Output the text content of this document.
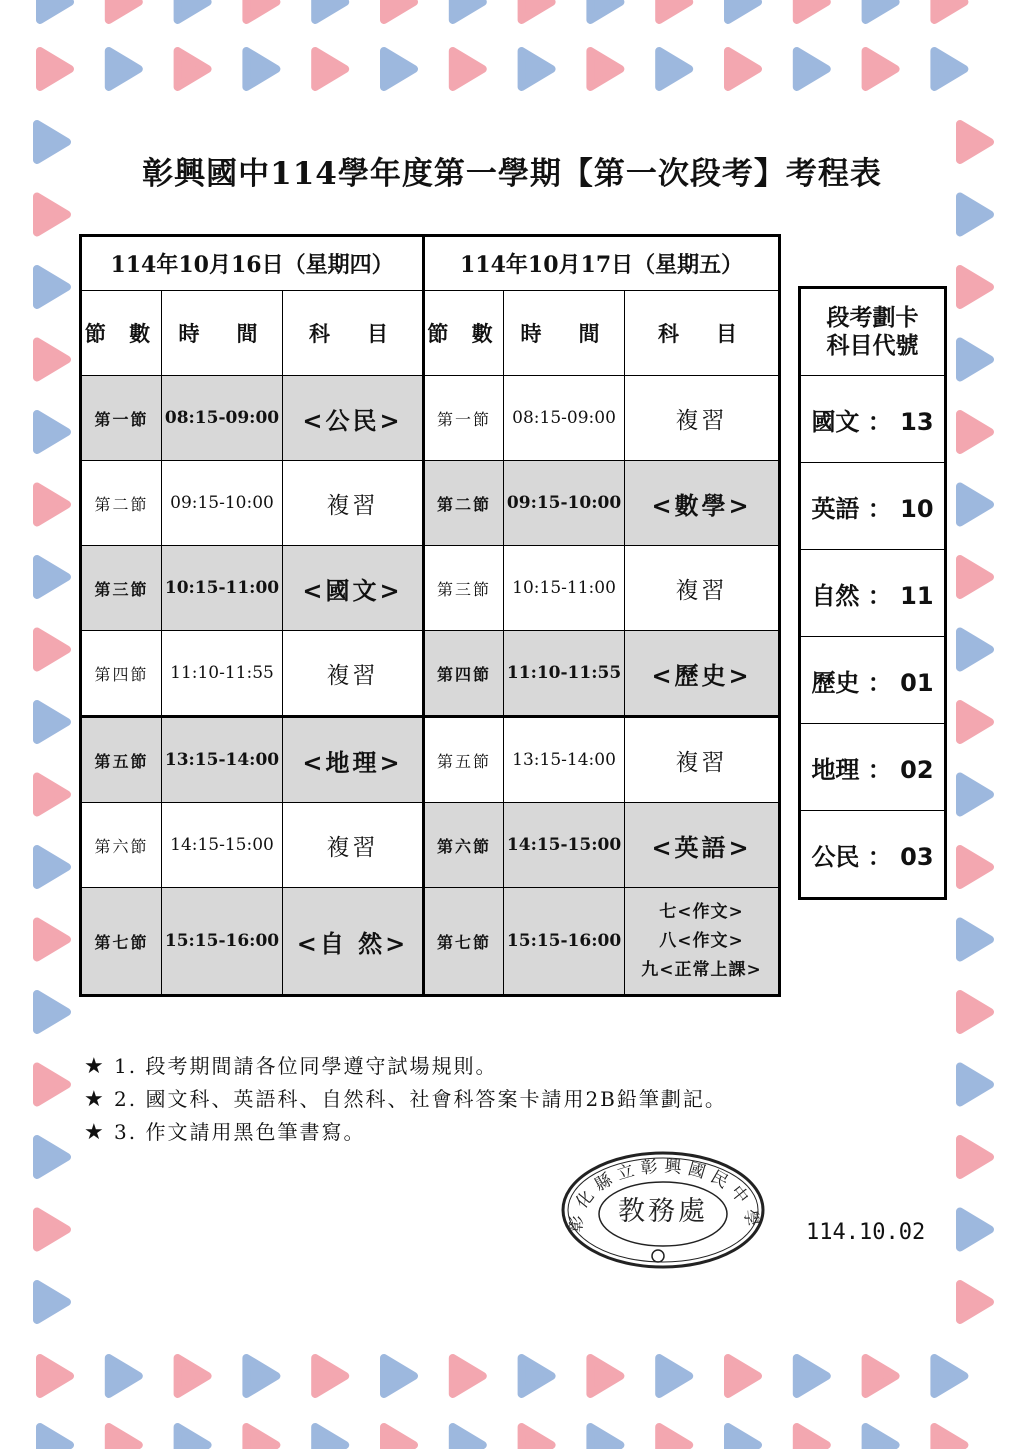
彰興國中114學年度第一學期【第一次段考】考程表
114年10月16日（星期四）			114年10月17日（星期五）		
節 數	時　間	科　目	節 數	時　間	科　目
第一節	08:15-09:00	<公民>	第一節	08:15-09:00	複習
第二節	09:15-10:00	複習	第二節	09:15-10:00	<數學>
第三節	10:15-11:00	<國文>	第三節	10:15-11:00	複習
第四節	11:10-11:55	複習	第四節	11:10-11:55	<歷史>
第五節	13:15-14:00	<地理>	第五節	13:15-14:00	複習
第六節	14:15-15:00	複習	第六節	14:15-15:00	<英語>
第七節	15:15-16:00	<自 然>	第七節	15:15-16:00	七<作文>
八<作文>
九<正常上課>
段考劃卡
科目代號

國文 ： 13
英語 ： 10
自然 ： 11
歷史 ： 01
地理 ： 02
公民 ： 03
★ 1. 段考期間請各位同學遵守試場規則。
★ 2. 國文科、英語科、自然科、社會科答案卡請用2B鉛筆劃記。
★ 3. 作文請用黑色筆書寫。
彰化縣立彰興國民中學
教務處
114.10.02
